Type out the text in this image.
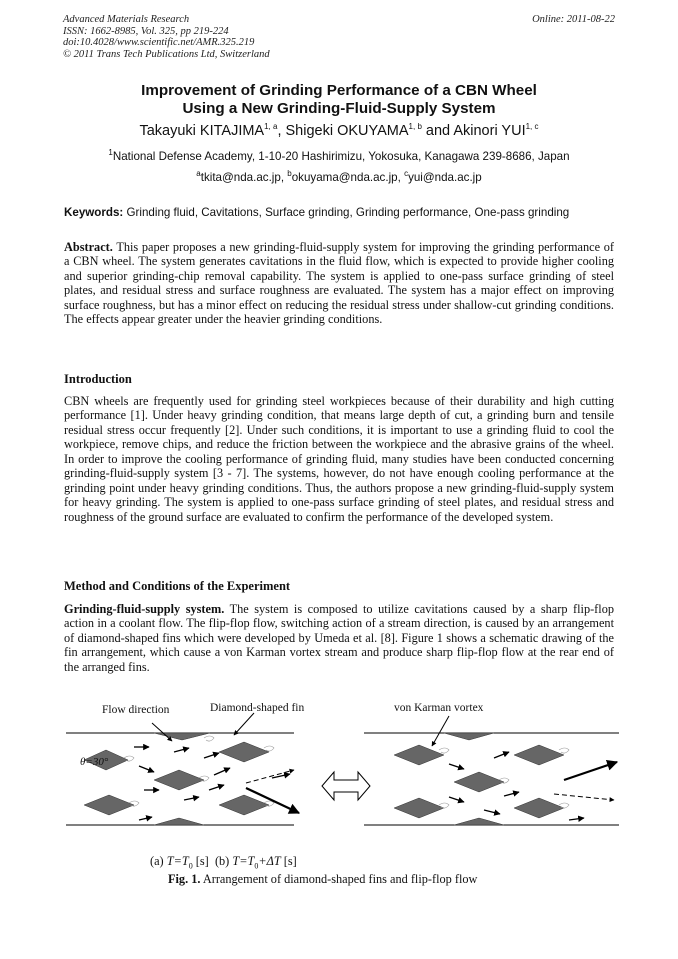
Advanced Materials Research
ISSN: 1662-8985, Vol. 325, pp 219-224
doi:10.4028/www.scientific.net/AMR.325.219
© 2011 Trans Tech Publications Ltd, Switzerland
Online: 2011-08-22
Improvement of Grinding Performance of a CBN Wheel
Using a New Grinding-Fluid-Supply System
Takayuki KITAJIMA$^{1, a}$, Shigeki OKUYAMA$^{1, b}$ and Akinori YUI$^{1, c}$
$^1$National Defense Academy, 1-10-20 Hashirimizu, Yokosuka, Kanagawa 239-8686, Japan
$^a$tkita@nda.ac.jp, $^b$okuyama@nda.ac.jp, $^c$yui@nda.ac.jp
Keywords: Grinding fluid, Cavitations, Surface grinding, Grinding performance, One-pass grinding
Abstract. This paper proposes a new grinding-fluid-supply system for improving the grinding performance of a CBN wheel. The system generates cavitations in the fluid flow, which is expected to provide higher cooling and superior grinding-chip removal capability. The system is applied to one-pass surface grinding of steel plates, and residual stress and surface roughness are evaluated. The system has a major effect on improving surface roughness, but has a minor effect on reducing the residual stress under shallow-cut grinding conditions. The effects appear greater under the heavier grinding conditions.
Introduction
CBN wheels are frequently used for grinding steel workpieces because of their durability and high cutting performance [1]. Under heavy grinding condition, that means large depth of cut, a grinding burn and tensile residual stress occur frequently [2]. Under such conditions, it is important to use a grinding fluid to cool the workpiece, remove chips, and reduce the friction between the workpiece and the abrasive grains of the wheel. In order to improve the cooling performance of grinding fluid, many studies have been conducted concerning grinding-fluid-supply system [3 - 7]. The systems, however, do not have enough cooling performance at the grinding point under heavy grinding conditions. Thus, the authors propose a new grinding-fluid-supply system for heavy grinding. The system is applied to one-pass surface grinding of steel plates, and residual stress and roughness of the ground surface are evaluated to confirm the performance of the developed system.
Method and Conditions of the Experiment
Grinding-fluid-supply system. The system is composed to utilize cavitations caused by a sharp flip-flop action in a coolant flow. The flip-flop flow, switching action of a stream direction, is caused by an arrangement of diamond-shaped fins which were developed by Umeda et al. [8]. Figure 1 shows a schematic drawing of the fin arrangement, which cause a von Karman vortex stream and produce sharp flip-flop flow at the rear end of the arranged fins.
Flow direction	Diamond-shaped fin	von Karman vortex
θ=30°
(a) $T=T_0$ [s] (b) $T=T_0+\Delta T$ [s]
Fig. 1. Arrangement of diamond-shaped fins and flip-flop flow
